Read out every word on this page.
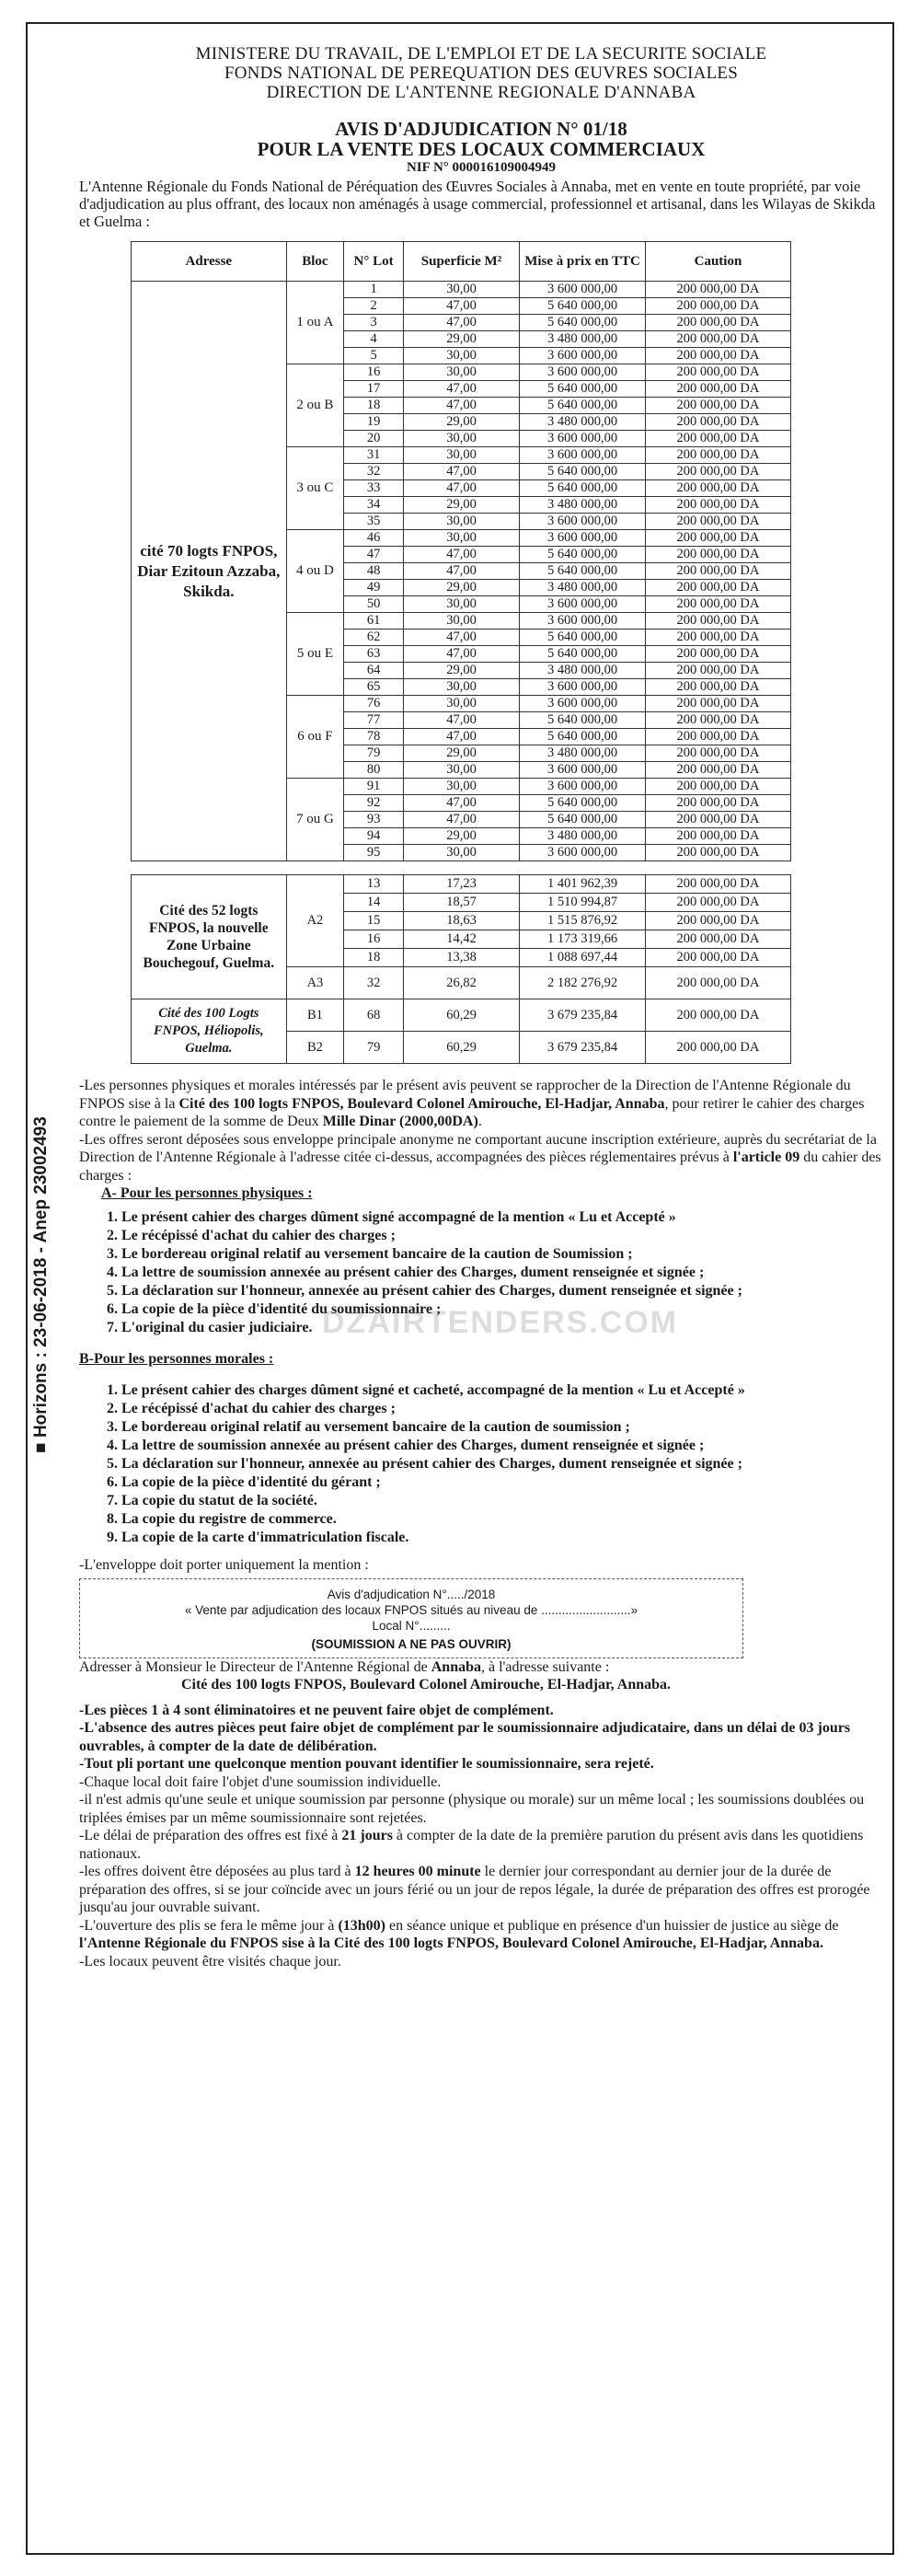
■ Horizons : 23-06-2018 - Anep 23002493
MINISTERE DU TRAVAIL, DE L'EMPLOI ET DE LA SECURITE SOCIALE
FONDS NATIONAL DE PEREQUATION DES ŒUVRES SOCIALES
DIRECTION DE L'ANTENNE REGIONALE D'ANNABA
AVIS D'ADJUDICATION N° 01/18
POUR LA VENTE DES LOCAUX COMMERCIAUX
NIF N° 000016109004949

L'Antenne Régionale du Fonds National de Péréquation des Œuvres Sociales à Annaba, met en vente en toute propriété, par voie d'adjudication au plus offrant, des locaux non aménagés à usage commercial, professionnel et artisanal, dans les Wilayas de Skikda et Guelma :

Adresse	Bloc	N° Lot	Superficie M²	Mise à prix en TTC	Caution
cité 70 logts FNPOS, Diar Ezitoun Azzaba, Skikda.	1 ou A	1	30,00	3 600 000,00	200 000,00 DA
		2	47,00	5 640 000,00	200 000,00 DA
		3	47,00	5 640 000,00	200 000,00 DA
		4	29,00	3 480 000,00	200 000,00 DA
		5	30,00	3 600 000,00	200 000,00 DA
	2 ou B	16	30,00	3 600 000,00	200 000,00 DA
		17	47,00	5 640 000,00	200 000,00 DA
		18	47,00	5 640 000,00	200 000,00 DA
		19	29,00	3 480 000,00	200 000,00 DA
		20	30,00	3 600 000,00	200 000,00 DA
	3 ou C	31	30,00	3 600 000,00	200 000,00 DA
		32	47,00	5 640 000,00	200 000,00 DA
		33	47,00	5 640 000,00	200 000,00 DA
		34	29,00	3 480 000,00	200 000,00 DA
		35	30,00	3 600 000,00	200 000,00 DA
	4 ou D	46	30,00	3 600 000,00	200 000,00 DA
		47	47,00	5 640 000,00	200 000,00 DA
		48	47,00	5 640 000,00	200 000,00 DA
		49	29,00	3 480 000,00	200 000,00 DA
		50	30,00	3 600 000,00	200 000,00 DA
	5 ou E	61	30,00	3 600 000,00	200 000,00 DA
		62	47,00	5 640 000,00	200 000,00 DA
		63	47,00	5 640 000,00	200 000,00 DA
		64	29,00	3 480 000,00	200 000,00 DA
		65	30,00	3 600 000,00	200 000,00 DA
	6 ou F	76	30,00	3 600 000,00	200 000,00 DA
		77	47,00	5 640 000,00	200 000,00 DA
		78	47,00	5 640 000,00	200 000,00 DA
		79	29,00	3 480 000,00	200 000,00 DA
		80	30,00	3 600 000,00	200 000,00 DA
	7 ou G	91	30,00	3 600 000,00	200 000,00 DA
		92	47,00	5 640 000,00	200 000,00 DA
		93	47,00	5 640 000,00	200 000,00 DA
		94	29,00	3 480 000,00	200 000,00 DA
		95	30,00	3 600 000,00	200 000,00 DA
Cité des 52 logts FNPOS, la nouvelle Zone Urbaine Bouchegouf, Guelma.	A2	13	17,23	1 401 962,39	200 000,00 DA
		14	18,57	1 510 994,87	200 000,00 DA
		15	18,63	1 515 876,92	200 000,00 DA
		16	14,42	1 173 319,66	200 000,00 DA
		18	13,38	1 088 697,44	200 000,00 DA
	A3	32	26,82	2 182 276,92	200 000,00 DA
Cité des 100 Logts FNPOS, Héliopolis, Guelma.	B1	68	60,29	3 679 235,84	200 000,00 DA
	B2	79	60,29	3 679 235,84	200 000,00 DA

-Les personnes physiques et morales intéressés par le présent avis peuvent se rapprocher de la Direction de l'Antenne Régionale du FNPOS sise à la Cité des 100 logts FNPOS, Boulevard Colonel Amirouche, El-Hadjar, Annaba, pour retirer le cahier des charges contre le paiement de la somme de Deux Mille Dinar (2000,00DA).

-Les offres seront déposées sous enveloppe principale anonyme ne comportant aucune inscription extérieure, auprès du secrétariat de la Direction de l'Antenne Régionale à l'adresse citée ci-dessus, accompagnées des pièces réglementaires prévus à l'article 09 du cahier des charges :

A- Pour les personnes physiques :
1. Le présent cahier des charges dûment signé accompagné de la mention « Lu et Accepté »
2. Le récépissé d'achat du cahier des charges ;
3. Le bordereau original relatif au versement bancaire de la caution de Soumission ;
4. La lettre de soumission annexée au présent cahier des Charges, dument renseignée et signée ;
5. La déclaration sur l'honneur, annexée au présent cahier des Charges, dument renseignée et signée ;
6. La copie de la pièce d'identité du soumissionnaire ;
7. L'original du casier judiciaire.
B-Pour les personnes morales :
1. Le présent cahier des charges dûment signé et cacheté, accompagné de la mention « Lu et Accepté »
2. Le récépissé d'achat du cahier des charges ;
3. Le bordereau original relatif au versement bancaire de la caution de soumission ;
4. La lettre de soumission annexée au présent cahier des Charges, dument renseignée et signée ;
5. La déclaration sur l'honneur, annexée au présent cahier des Charges, dument renseignée et signée ;
6. La copie de la pièce d'identité du gérant ;
7. La copie du statut de la société.
8. La copie du registre de commerce.
9. La copie de la carte d'immatriculation fiscale.

-L'enveloppe doit porter uniquement la mention :

Avis d'adjudication N°...../2018
« Vente par adjudication des locaux FNPOS situés au niveau de ..........................»
Local N°.........
(SOUMISSION A NE PAS OUVRIR)

Adresser à Monsieur le Directeur de l'Antenne Régional de Annaba, à l'adresse suivante :

Cité des 100 logts FNPOS, Boulevard Colonel Amirouche, El-Hadjar, Annaba.

-Les pièces 1 à 4 sont éliminatoires et ne peuvent faire objet de complément.

-L'absence des autres pièces peut faire objet de complément par le soumissionnaire adjudicataire, dans un délai de 03 jours ouvrables, à compter de la date de délibération.

-Tout pli portant une quelconque mention pouvant identifier le soumissionnaire, sera rejeté.

-Chaque local doit faire l'objet d'une soumission individuelle.

-il n'est admis qu'une seule et unique soumission par personne (physique ou morale) sur un même local ; les soumissions doublées ou triplées émises par un même soumissionnaire sont rejetées.

-Le délai de préparation des offres est fixé à 21 jours à compter de la date de la première parution du présent avis dans les quotidiens nationaux.

-les offres doivent être déposées au plus tard à 12 heures 00 minute le dernier jour correspondant au dernier jour de la durée de préparation des offres, si se jour coïncide avec un jours férié ou un jour de repos légale, la durée de préparation des offres est prorogée jusqu'au jour ouvrable suivant.

-L'ouverture des plis se fera le même jour à (13h00) en séance unique et publique en présence d'un huissier de justice au siège de l'Antenne Régionale du FNPOS sise à la Cité des 100 logts FNPOS, Boulevard Colonel Amirouche, El-Hadjar, Annaba.

-Les locaux peuvent être visités chaque jour.

DZAIRTENDERS.COM
